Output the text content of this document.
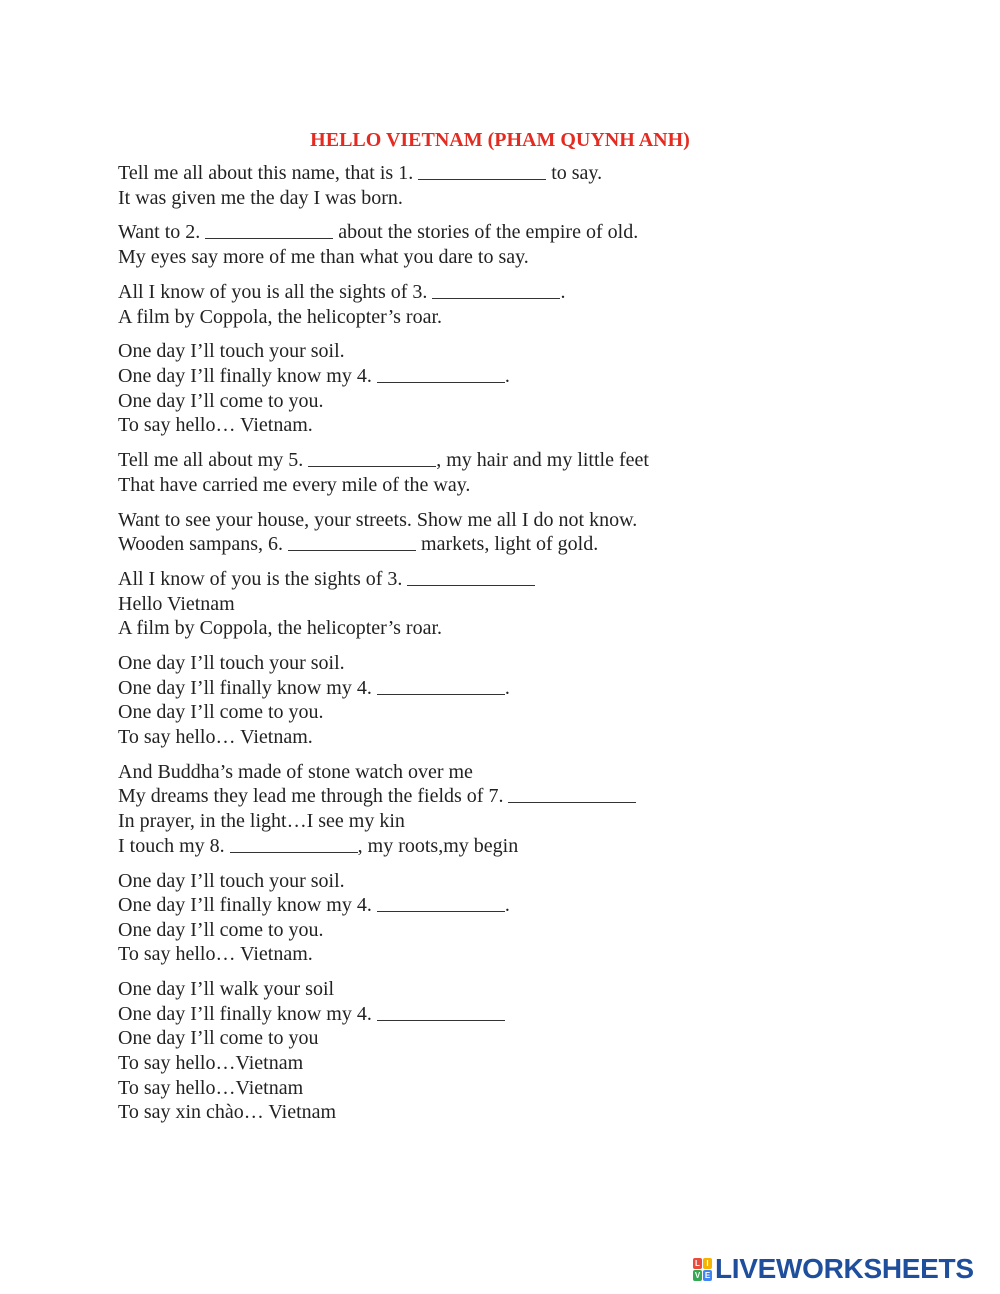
HELLO VIETNAM (PHAM QUYNH ANH)
Tell me all about this name, that is 1.	to say.
It was given me the day I was born.
Want to 2.	about the stories of the empire of old.
My eyes say more of me than what you dare to say.
All I know of you is all the sights of 3.	.
A film by Coppola, the helicopter’s roar.
One day I’ll touch your soil.
One day I’ll finally know my 4.	.
One day I’ll come to you.
To say hello… Vietnam.
Tell me all about my 5.	, my hair and my little feet
That have carried me every mile of the way.
Want to see your house, your streets. Show me all I do not know.
Wooden sampans, 6.	markets, light of gold.
All I know of you is the sights of 3.
Hello Vietnam
A film by Coppola, the helicopter’s roar.
One day I’ll touch your soil.
One day I’ll finally know my 4.	.
One day I’ll come to you.
To say hello… Vietnam.
And Buddha’s made of stone watch over me
My dreams they lead me through the fields of 7.
In prayer, in the light…I see my kin
I touch my 8.	, my roots,my begin
One day I’ll touch your soil.
One day I’ll finally know my 4.	.
One day I’ll come to you.
To say hello… Vietnam.
One day I’ll walk your soil
One day I’ll finally know my 4.
One day I’ll come to you
To say hello…Vietnam
To say hello…Vietnam
To say xin chào… Vietnam
L I
V E LIVEWORKSHEETS
